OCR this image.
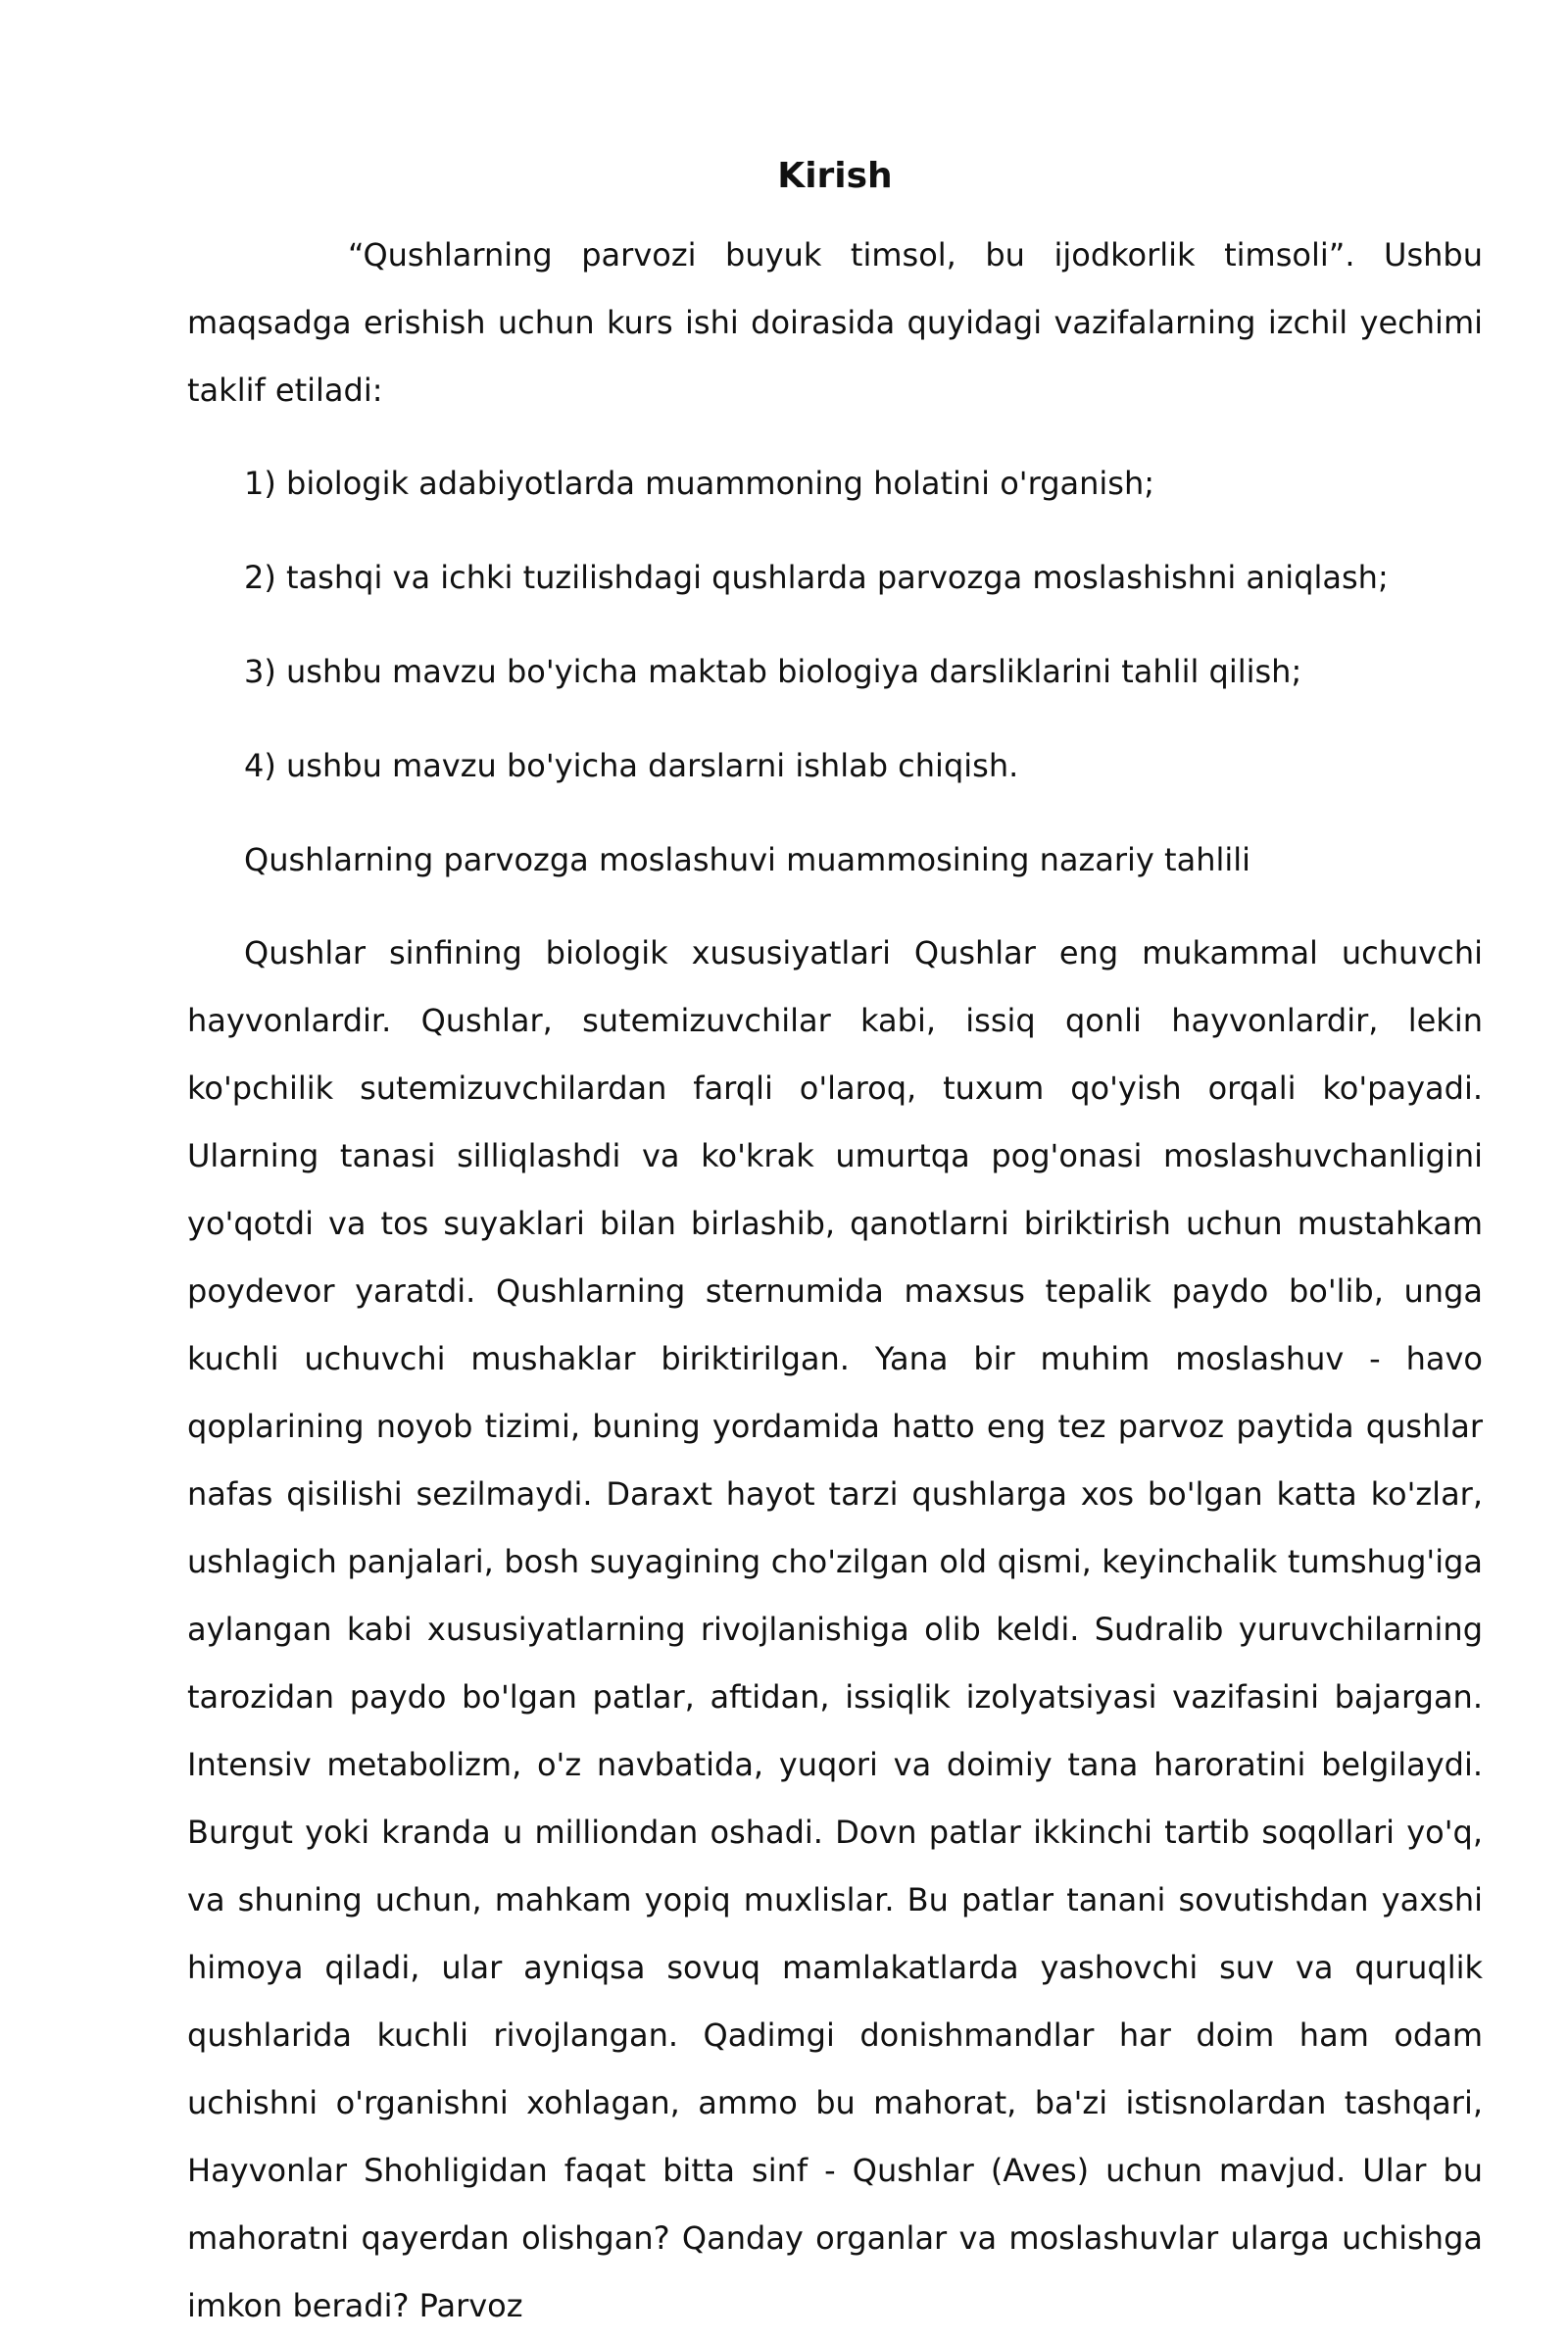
Kirish

“Qushlarning parvozi buyuk timsol, bu ijodkorlik timsoli”. Ushbu maqsadga erishish uchun kurs ishi doirasida quyidagi vazifalarning izchil yechimi taklif etiladi:

1) biologik adabiyotlarda muammoning holatini o'rganish;

2) tashqi va ichki tuzilishdagi qushlarda parvozga moslashishni aniqlash;

3) ushbu mavzu bo'yicha maktab biologiya darsliklarini tahlil qilish;

4) ushbu mavzu bo'yicha darslarni ishlab chiqish.

Qushlarning parvozga moslashuvi muammosining nazariy tahlili

Qushlar sinfining biologik xususiyatlari Qushlar eng mukammal uchuvchi hayvonlardir. Qushlar, sutemizuvchilar kabi, issiq qonli hayvonlardir, lekin ko'pchilik sutemizuvchilardan farqli o'laroq, tuxum qo'yish orqali ko'payadi. Ularning tanasi silliqlashdi va ko'krak umurtqa pog'onasi moslashuvchanligini yo'qotdi va tos suyaklari bilan birlashib, qanotlarni biriktirish uchun mustahkam poydevor yaratdi. Qushlarning sternumida maxsus tepalik paydo bo'lib, unga kuchli uchuvchi mushaklar biriktirilgan. Yana bir muhim moslashuv - havo qoplarining noyob tizimi, buning yordamida hatto eng tez parvoz paytida qushlar nafas qisilishi sezilmaydi. Daraxt hayot tarzi qushlarga xos bo'lgan katta ko'zlar, ushlagich panjalari, bosh suyagining cho'zilgan old qismi, keyinchalik tumshug'iga aylangan kabi xususiyatlarning rivojlanishiga olib keldi. Sudralib yuruvchilarning tarozidan paydo bo'lgan patlar, aftidan, issiqlik izolyatsiyasi vazifasini bajargan. Intensiv metabolizm, o'z navbatida, yuqori va doimiy tana haroratini belgilaydi. Burgut yoki kranda u milliondan oshadi. Dovn patlar ikkinchi tartib soqollari yo'q, va shuning uchun, mahkam yopiq muxlislar. Bu patlar tanani sovutishdan yaxshi himoya qiladi, ular ayniqsa sovuq mamlakatlarda yashovchi suv va quruqlik qushlarida kuchli rivojlangan. Qadimgi donishmandlar har doim ham odam uchishni o'rganishni xohlagan, ammo bu mahorat, ba'zi istisnolardan tashqari, Hayvonlar Shohligidan faqat bitta sinf - Qushlar (Aves) uchun mavjud. Ular bu mahoratni qayerdan olishgan? Qanday organlar va moslashuvlar ularga uchishga imkon beradi? Parvoz
